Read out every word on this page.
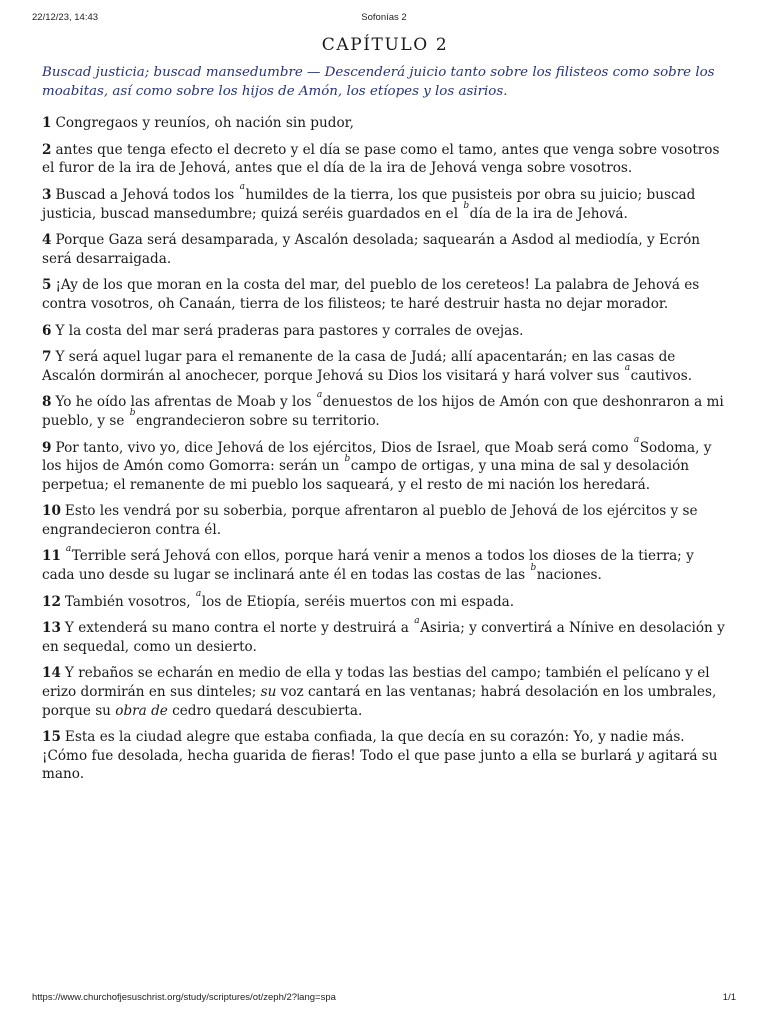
22/12/23, 14:43	Sofonías 2
CAPÍTULO 2

Buscad justicia; buscad mansedumbre — Descenderá juicio tanto sobre los filisteos como sobre los moabitas, así como sobre los hijos de Amón, los etíopes y los asirios.

1 Congregaos y reuníos, oh nación sin pudor,

2 antes que tenga efecto el decreto y el día se pase como el tamo, antes que venga sobre vosotros el furor de la ira de Jehová, antes que el día de la ira de Jehová venga sobre vosotros.

3 Buscad a Jehová todos los $^a$humildes de la tierra, los que pusisteis por obra su juicio; buscad justicia, buscad mansedumbre; quizá seréis guardados en el $^b$día de la ira de Jehová.

4 Porque Gaza será desamparada, y Ascalón desolada; saquearán a Asdod al mediodía, y Ecrón será desarraigada.

5 ¡Ay de los que moran en la costa del mar, del pueblo de los cereteos! La palabra de Jehová es contra vosotros, oh Canaán, tierra de los filisteos; te haré destruir hasta no dejar morador.

6 Y la costa del mar será praderas para pastores y corrales de ovejas.

7 Y será aquel lugar para el remanente de la casa de Judá; allí apacentarán; en las casas de Ascalón dormirán al anochecer, porque Jehová su Dios los visitará y hará volver sus $^a$cautivos.

8 Yo he oído las afrentas de Moab y los $^a$denuestos de los hijos de Amón con que deshonraron a mi pueblo, y se $^b$engrandecieron sobre su territorio.

9 Por tanto, vivo yo, dice Jehová de los ejércitos, Dios de Israel, que Moab será como $^a$Sodoma, y los hijos de Amón como Gomorra: serán un $^b$campo de ortigas, y una mina de sal y desolación perpetua; el remanente de mi pueblo los saqueará, y el resto de mi nación los heredará.

10 Esto les vendrá por su soberbia, porque afrentaron al pueblo de Jehová de los ejércitos y se engrandecieron contra él.

11 $^a$Terrible será Jehová con ellos, porque hará venir a menos a todos los dioses de la tierra; y cada uno desde su lugar se inclinará ante él en todas las costas de las $^b$naciones.

12 También vosotros, $^a$los de Etiopía, seréis muertos con mi espada.

13 Y extenderá su mano contra el norte y destruirá a $^a$Asiria; y convertirá a Nínive en desolación y en sequedal, como un desierto.

14 Y rebaños se echarán en medio de ella y todas las bestias del campo; también el pelícano y el erizo dormirán en sus dinteles; su voz cantará en las ventanas; habrá desolación en los umbrales, porque su obra de cedro quedará descubierta.

15 Esta es la ciudad alegre que estaba confiada, la que decía en su corazón: Yo, y nadie más. ¡Cómo fue desolada, hecha guarida de fieras! Todo el que pase junto a ella se burlará y agitará su mano.

https://www.churchofjesuschrist.org/study/scriptures/ot/zeph/2?lang=spa	1/1
